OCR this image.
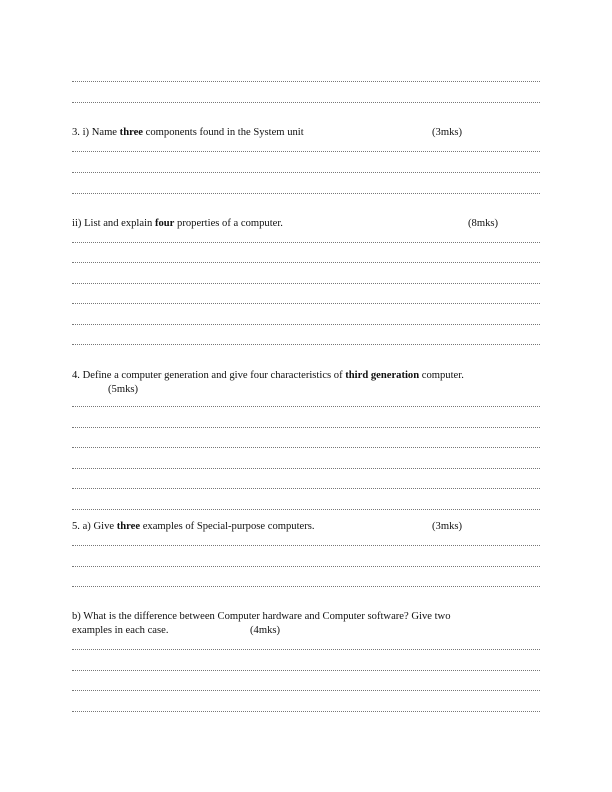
3. i) Name three components found in the System unit	(3mks)
ii) List and explain four properties of a computer.	(8mks)
4. Define a computer generation and give four characteristics of third generation computer.
(5mks)
5. a) Give three examples of Special-purpose computers.	(3mks)
b) What is the difference between Computer hardware and Computer software? Give two
examples in each case.	(4mks)
